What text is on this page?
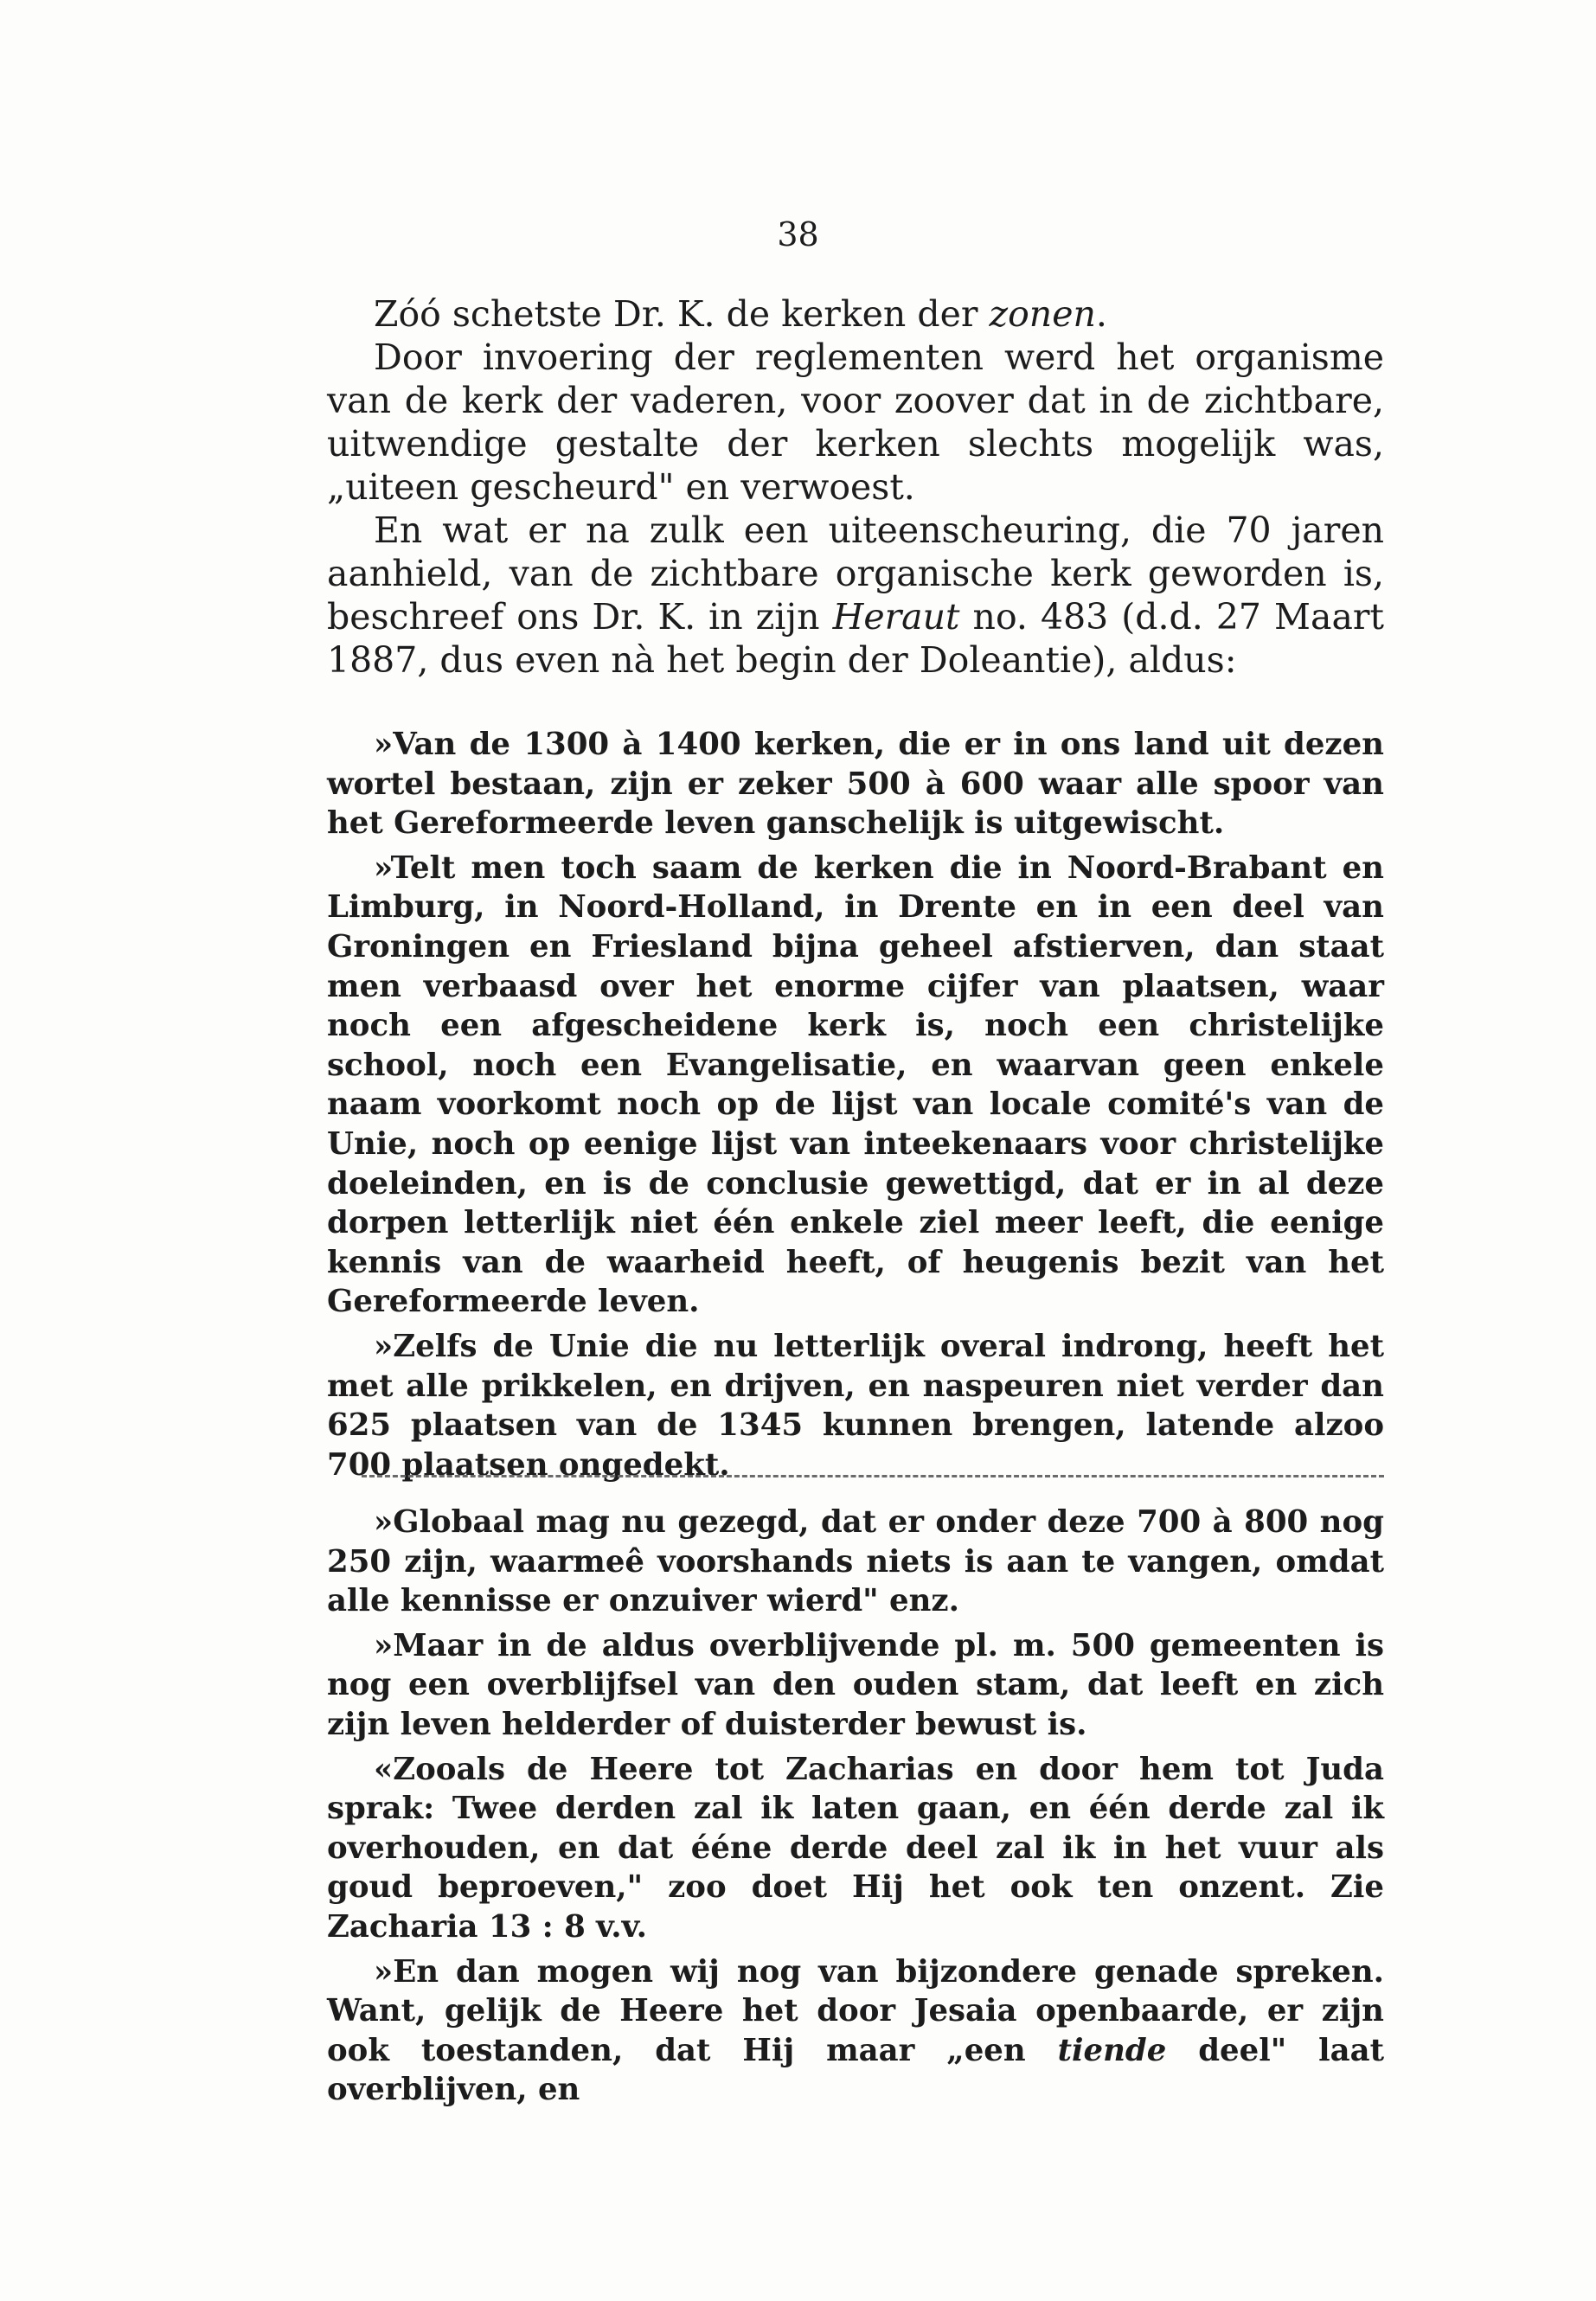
38

Zóó schetste Dr. K. de kerken der zonen.

Door invoering der reglementen werd het organisme van de kerk der vaderen, voor zoover dat in de zichtbare, uitwendige gestalte der kerken slechts mogelijk was, „uiteen gescheurd" en verwoest.

En wat er na zulk een uiteenscheuring, die 70 jaren aanhield, van de zichtbare organische kerk geworden is, beschreef ons Dr. K. in zijn Heraut no. 483 (d.d. 27 Maart 1887, dus even nà het begin der Doleantie), aldus:

»Van de 1300 à 1400 kerken, die er in ons land uit dezen wortel bestaan, zijn er zeker 500 à 600 waar alle spoor van het Gereformeerde leven ganschelijk is uitgewischt.

»Telt men toch saam de kerken die in Noord-Brabant en Limburg, in Noord-Holland, in Drente en in een deel van Groningen en Friesland bijna geheel afstierven, dan staat men verbaasd over het enorme cijfer van plaatsen, waar noch een afgescheidene kerk is, noch een christelijke school, noch een Evangelisatie, en waarvan geen enkele naam voorkomt noch op de lijst van locale comité's van de Unie, noch op eenige lijst van inteekenaars voor christelijke doeleinden, en is de conclusie gewettigd, dat er in al deze dorpen letterlijk niet één enkele ziel meer leeft, die eenige kennis van de waarheid heeft, of heugenis bezit van het Gereformeerde leven.

»Zelfs de Unie die nu letterlijk overal indrong, heeft het met alle prikkelen, en drijven, en naspeuren niet verder dan 625 plaatsen van de 1345 kunnen brengen, latende alzoo 700 plaatsen ongedekt.

»Globaal mag nu gezegd, dat er onder deze 700 à 800 nog 250 zijn, waarmeê voorshands niets is aan te vangen, omdat alle kennisse er onzuiver wierd" enz.

»Maar in de aldus overblijvende pl. m. 500 gemeenten is nog een overblijfsel van den ouden stam, dat leeft en zich zijn leven helderder of duisterder bewust is.

«Zooals de Heere tot Zacharias en door hem tot Juda sprak: Twee derden zal ik laten gaan, en één derde zal ik overhouden, en dat ééne derde deel zal ik in het vuur als goud beproeven," zoo doet Hij het ook ten onzent. Zie Zacharia 13 : 8 v.v.

»En dan mogen wij nog van bijzondere genade spreken. Want, gelijk de Heere het door Jesaia openbaarde, er zijn ook toestanden, dat Hij maar „een tiende deel" laat overblijven, en
